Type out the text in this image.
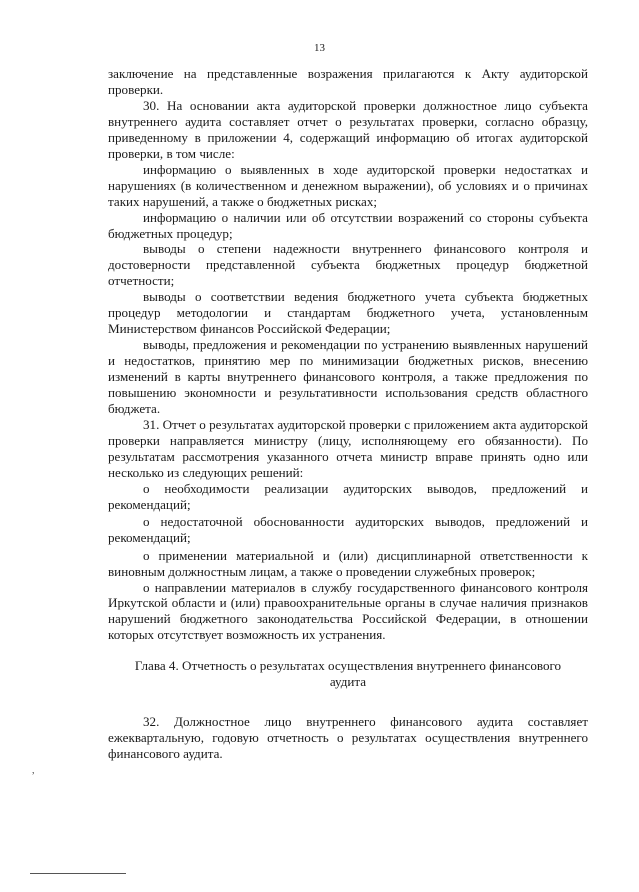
13

заключение на представленные возражения прилагаются к Акту аудиторской проверки.

30. На основании акта аудиторской проверки должностное лицо субъекта внутреннего аудита составляет отчет о результатах проверки, согласно образцу, приведенному в приложении 4, содержащий информацию об итогах аудиторской проверки, в том числе:

информацию о выявленных в ходе аудиторской проверки недостатках и нарушениях (в количественном и денежном выражении), об условиях и о причинах таких нарушений, а также о бюджетных рисках;

информацию о наличии или об отсутствии возражений со стороны субъекта бюджетных процедур;

выводы о степени надежности внутреннего финансового контроля и достоверности представленной субъекта бюджетных процедур бюджетной отчетности;

выводы о соответствии ведения бюджетного учета субъекта бюджетных процедур методологии и стандартам бюджетного учета, установленным Министерством финансов Российской Федерации;

выводы, предложения и рекомендации по устранению выявленных нарушений и недостатков, принятию мер по минимизации бюджетных рисков, внесению изменений в карты внутреннего финансового контроля, а также предложения по повышению экономности и результативности использования средств областного бюджета.

31. Отчет о результатах аудиторской проверки с приложением акта аудиторской проверки направляется министру (лицу, исполняющему его обязанности). По результатам рассмотрения указанного отчета министр вправе принять одно или несколько из следующих решений:

о необходимости реализации аудиторских выводов, предложений и рекомендаций;

о недостаточной обоснованности аудиторских выводов, предложений и рекомендаций;

о применении материальной и (или) дисциплинарной ответственности к виновным должностным лицам, а также о проведении служебных проверок;

о направлении материалов в службу государственного финансового контроля Иркутской области и (или) правоохранительные органы в случае наличия признаков нарушений бюджетного законодательства Российской Федерации, в отношении которых отсутствует возможность их устранения.

Глава 4. Отчетность о результатах осуществления внутреннего финансового аудита

32. Должностное лицо внутреннего финансового аудита составляет ежеквартальную, годовую отчетность о результатах осуществления внутреннего финансового аудита.

,
